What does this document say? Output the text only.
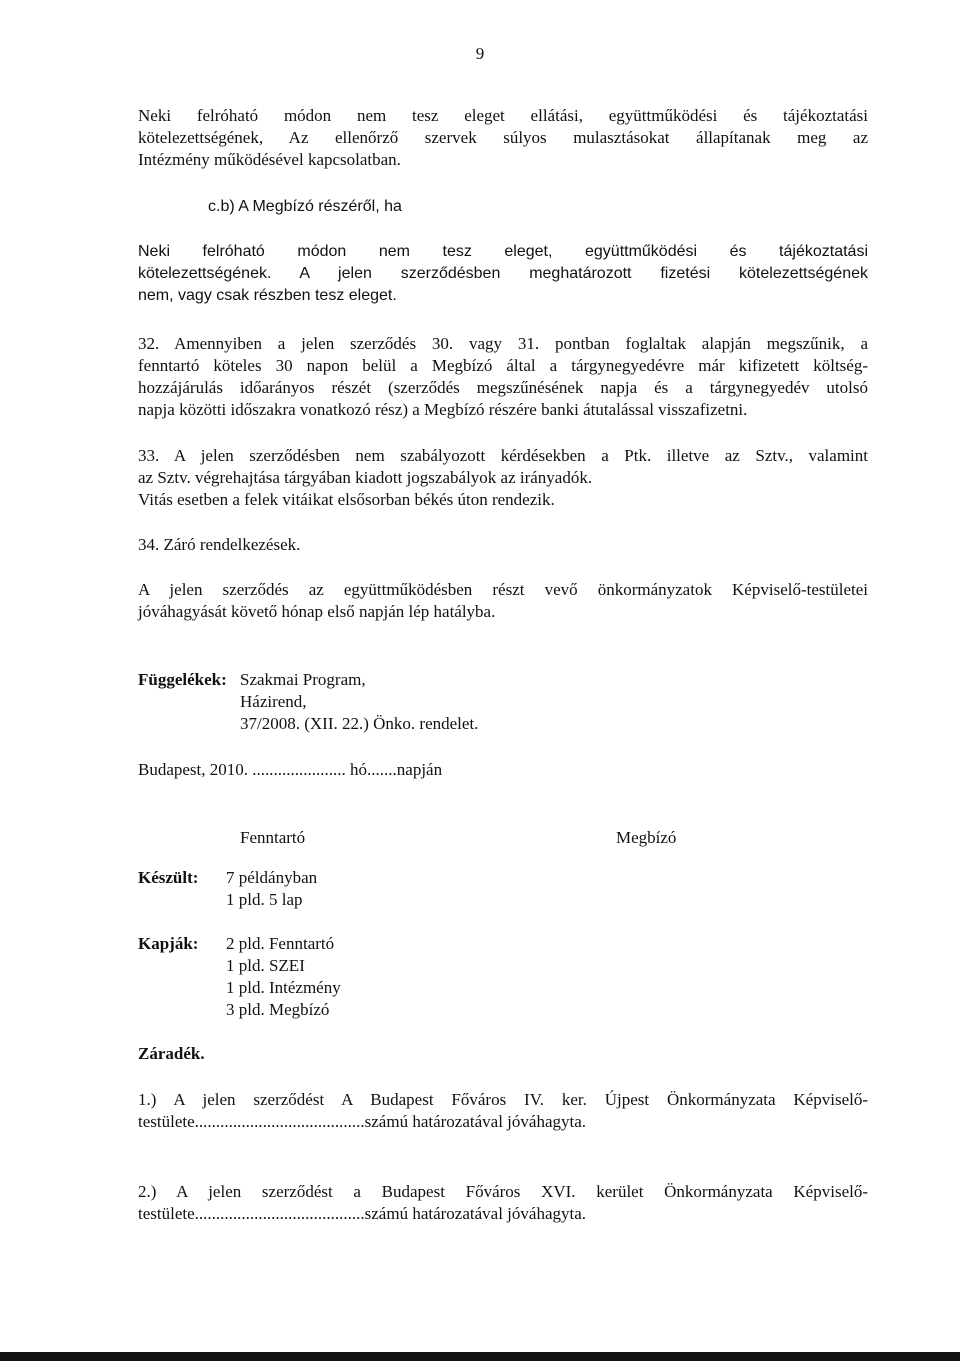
9
Neki felróható módon nem tesz eleget ellátási, együttműködési és tájékoztatási
kötelezettségének, Az ellenőrző szervek súlyos mulasztásokat állapítanak meg az
Intézmény működésével kapcsolatban.
c.b) A Megbízó részéről, ha
Neki felróható módon nem tesz eleget, együttműködési és tájékoztatási
kötelezettségének. A jelen szerződésben meghatározott fizetési kötelezettségének
nem, vagy csak részben tesz eleget.
32. Amennyiben a jelen szerződés 30. vagy 31. pontban foglaltak alapján megszűnik, a
fenntartó köteles 30 napon belül a Megbízó által a tárgynegyedévre már kifizetett költség-
hozzájárulás időarányos részét (szerződés megszűnésének napja és a tárgynegyedév utolsó
napja közötti időszakra vonatkozó rész) a Megbízó részére banki átutalással visszafizetni.
33. A jelen szerződésben nem szabályozott kérdésekben a Ptk. illetve az Sztv., valamint
az Sztv. végrehajtása tárgyában kiadott jogszabályok az irányadók.
Vitás esetben a felek vitáikat elsősorban békés úton rendezik.
34. Záró rendelkezések.
A jelen szerződés az együttműködésben részt vevő önkormányzatok Képviselő-testületei
jóváhagyását követő hónap első napján lép hatályba.
Függelékek: Szakmai Program,
Házirend,
37/2008. (XII. 22.) Önko. rendelet.
Budapest, 2010. ...................... hó.......napján
Fenntartó	Megbízó
Készült: 7 példányban
1 pld. 5 lap
Kapják: 2 pld. Fenntartó
1 pld. SZEI
1 pld. Intézmény
3 pld. Megbízó
Záradék.
1.) A jelen szerződést A Budapest Főváros IV. ker. Újpest Önkormányzata Képviselő-
testülete........................................számú határozatával jóváhagyta.
2.) A jelen szerződést a Budapest Főváros XVI. kerület Önkormányzata Képviselő-
testülete........................................számú határozatával jóváhagyta.
